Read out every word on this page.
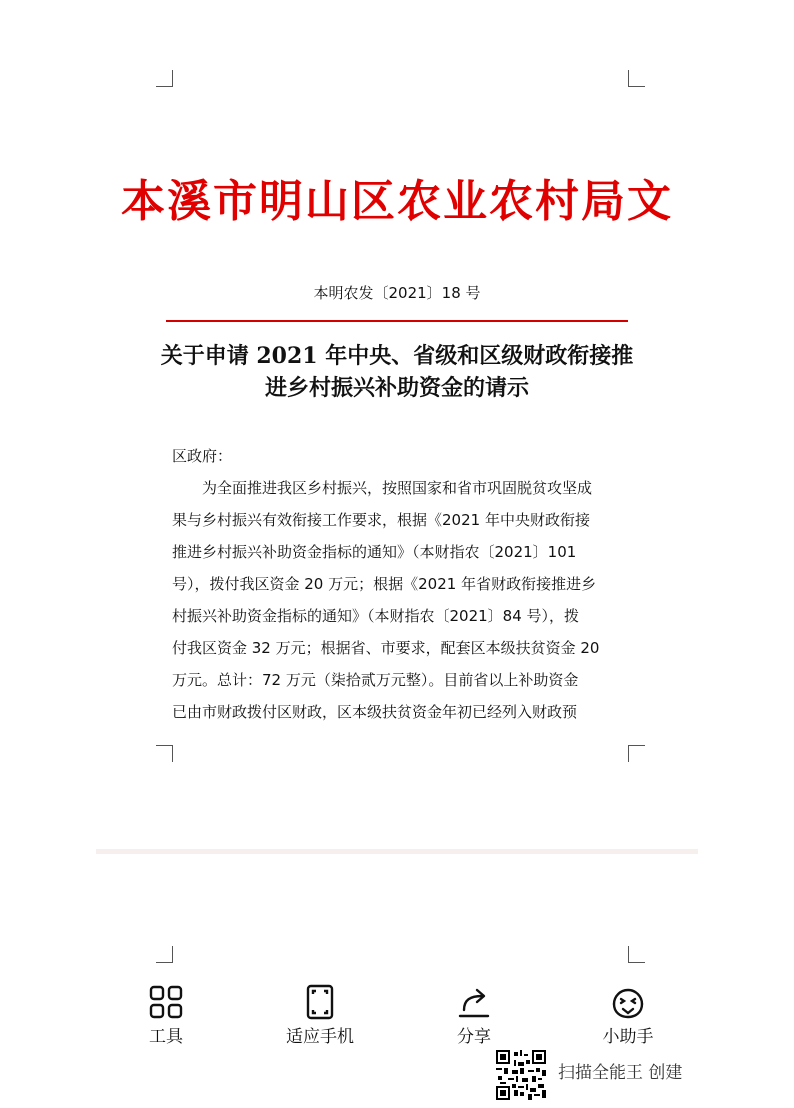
本溪市明山区农业农村局文
本明农发〔2021〕18 号
关于申请 2021 年中央、省级和区级财政衔接推
进乡村振兴补助资金的请示
区政府：
　　为全面推进我区乡村振兴，按照国家和省市巩固脱贫攻坚成
果与乡村振兴有效衔接工作要求，根据《2021 年中央财政衔接
推进乡村振兴补助资金指标的通知》（本财指农〔2021〕101
号），拨付我区资金 20 万元；根据《2021 年省财政衔接推进乡
村振兴补助资金指标的通知》（本财指农〔2021〕84 号），拨
付我区资金 32 万元；根据省、市要求，配套区本级扶贫资金 20
万元。总计：72 万元（柒拾贰万元整）。目前省以上补助资金
已由市财政拨付区财政，区本级扶贫资金年初已经列入财政预
工具	适应手机	分享	小助手
扫描全能王 创建
